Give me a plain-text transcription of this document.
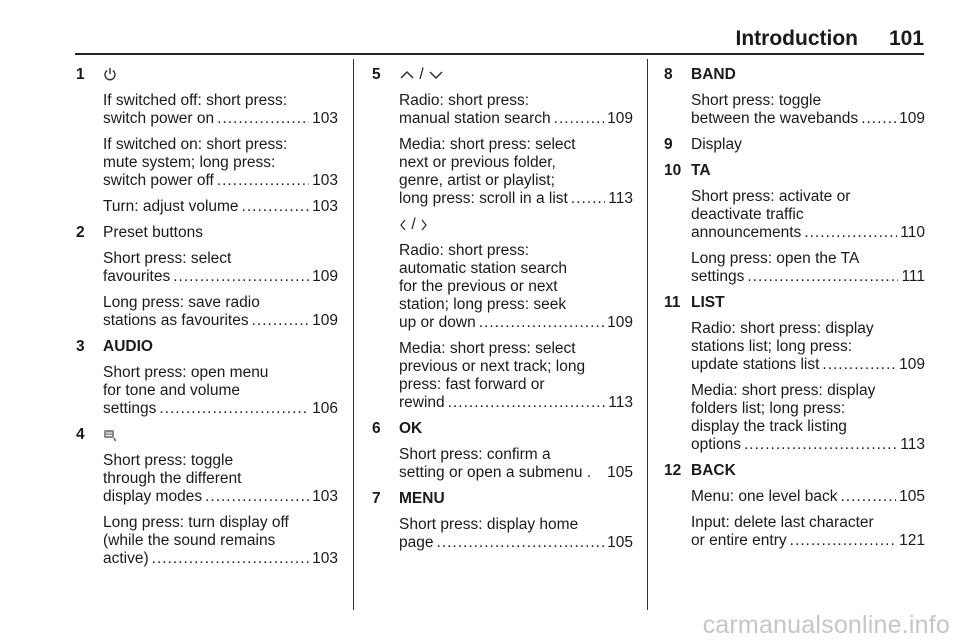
Introduction 101
1
If switched off: short press:
switch power on .....	103
If switched on: short press:
mute system; long press:
switch power off .....	103
Turn: adjust volume .....	103
2 Preset buttons
Short press: select
favourites .....	109
Long press: save radio
stations as favourites .....	109
3 AUDIO
Short press: open menu
for tone and volume
settings .....	106
4
Short press: toggle
through the different
display modes .....	103
Long press: turn display off
(while the sound remains
active) .....	103
5	/
Radio: short press:
manual station search .....	109
Media: short press: select
next or previous folder,
genre, artist or playlist;
long press: scroll in a list .....	113
/
Radio: short press:
automatic station search
for the previous or next
station; long press: seek
up or down .....	109
Media: short press: select
previous or next track; long
press: fast forward or
rewind .....	113
6 OK
Short press: confirm a
setting or open a submenu . 105
7 MENU
Short press: display home
page .....	105
8 BAND
Short press: toggle
between the wavebands .....	109
9 Display
10 TA
Short press: activate or
deactivate traffic
announcements .....	110
Long press: open the TA
settings .....	111
11 LIST
Radio: short press: display
stations list; long press:
update stations list .....	109
Media: short press: display
folders list; long press:
display the track listing
options .....	113
12 BACK
Menu: one level back .....	105
Input: delete last character
or entire entry .....	121
carmanualsonline.info
